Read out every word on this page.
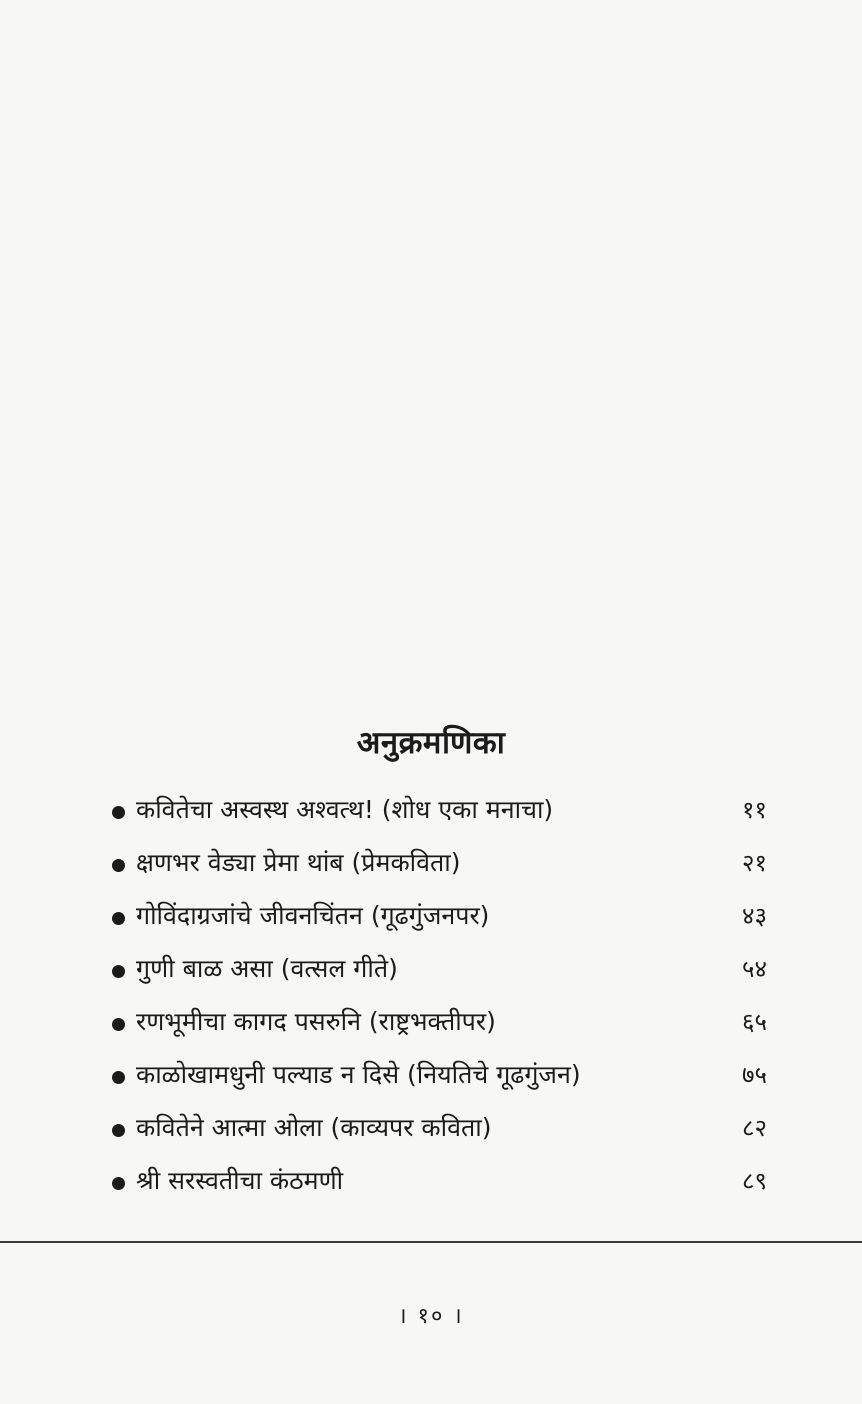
अनुक्रमणिका
कवितेचा अस्वस्थ अश्वत्थ! (शोध एका मनाचा)	११
क्षणभर वेड्या प्रेमा थांब (प्रेमकविता)	२१
गोविंदाग्रजांचे जीवनचिंतन (गूढगुंजनपर)	४३
गुणी बाळ असा (वत्सल गीते)	५४
रणभूमीचा कागद पसरुनि (राष्ट्रभक्तीपर)	६५
काळोखामधुनी पल्याड न दिसे (नियतिचे गूढगुंजन)	७५
कवितेने आत्मा ओला (काव्यपर कविता)	८२
श्री सरस्वतीचा कंठमणी	८९
। १० ।
